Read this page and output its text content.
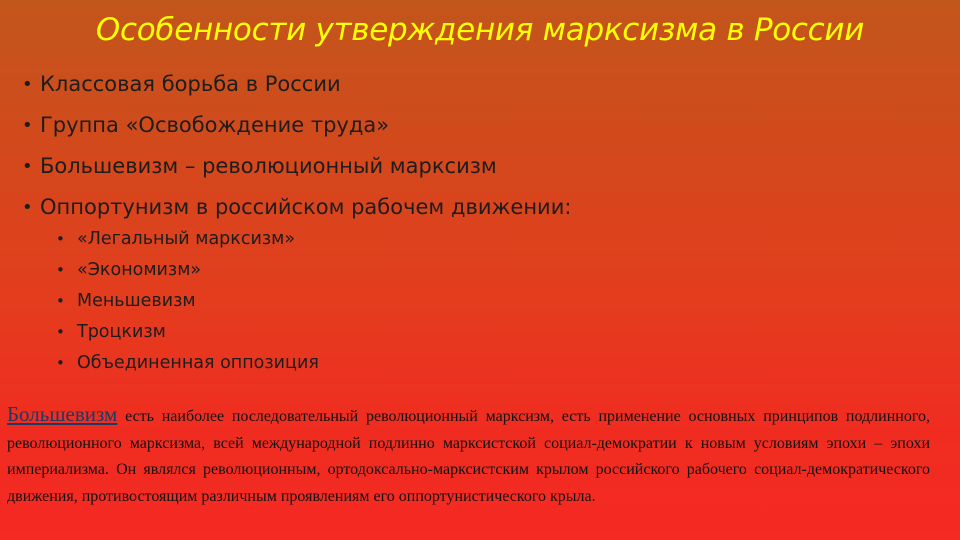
Особенности утверждения марксизма в России
• Классовая борьба в России
• Группа «Освобождение труда»
• Большевизм – революционный марксизм
• Оппортунизм в российском рабочем движении:
• «Легальный марксизм»
• «Экономизм»
• Меньшевизм
• Троцкизм
• Объединенная оппозиция

Большевизм есть наиболее последовательный революционный марксизм, есть применение основных принципов подлинного, революционного марксизма, всей международной подлинно марксистской социал-демократии к новым условиям эпохи – эпохи империализма. Он являлся революционным, ортодоксально-марксистским крылом российского рабочего социал-демократического движения, противостоящим различным проявлениям его оппортунистического крыла.
